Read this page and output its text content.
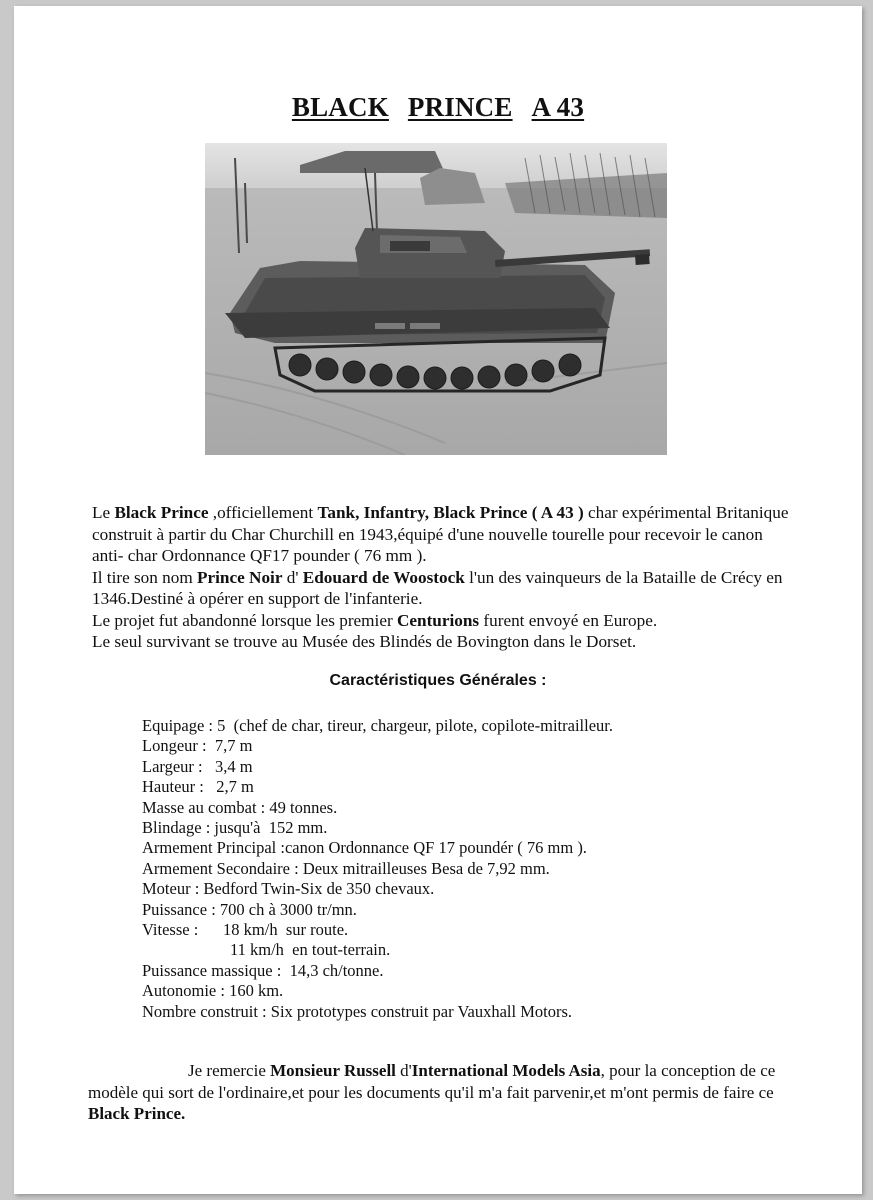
BLACK PRINCE A 43

Le Black Prince ,officiellement Tank, Infantry, Black Prince ( A 43 ) char expérimental Britanique construit à partir du Char Churchill en 1943,équipé d'une nouvelle tourelle pour recevoir le canon anti- char Ordonnance QF17 pounder ( 76 mm ).

Il tire son nom Prince Noir d' Edouard de Woostock l'un des vainqueurs de la Bataille de Crécy en 1346.Destiné à opérer en support de l'infanterie.

Le projet fut abandonné lorsque les premier Centurions furent envoyé en Europe.

Le seul survivant se trouve au Musée des Blindés de Bovington dans le Dorset.

Caractéristiques Générales :
Equipage : 5  (chef de char, tireur, chargeur, pilote, copilote-mitrailleur.
Longeur :  7,7 m
Largeur :   3,4 m
Hauteur :   2,7 m
Masse au combat : 49 tonnes.
Blindage : jusqu'à  152 mm.
Armement Principal :canon Ordonnance QF 17 poundér ( 76 mm ).
Armement Secondaire : Deux mitrailleuses Besa de 7,92 mm.
Moteur : Bedford Twin-Six de 350 chevaux.
Puissance : 700 ch à 3000 tr/mn.
Vitesse :      18 km/h  sur route.
11 km/h  en tout-terrain.
Puissance massique :  14,3 ch/tonne.
Autonomie : 160 km.
Nombre construit : Six prototypes construit par Vauxhall Motors.

Je remercie Monsieur Russell d'International Models Asia, pour la conception de ce modèle qui sort de l'ordinaire,et pour les documents qu'il m'a fait parvenir,et m'ont permis de faire ce Black Prince.
